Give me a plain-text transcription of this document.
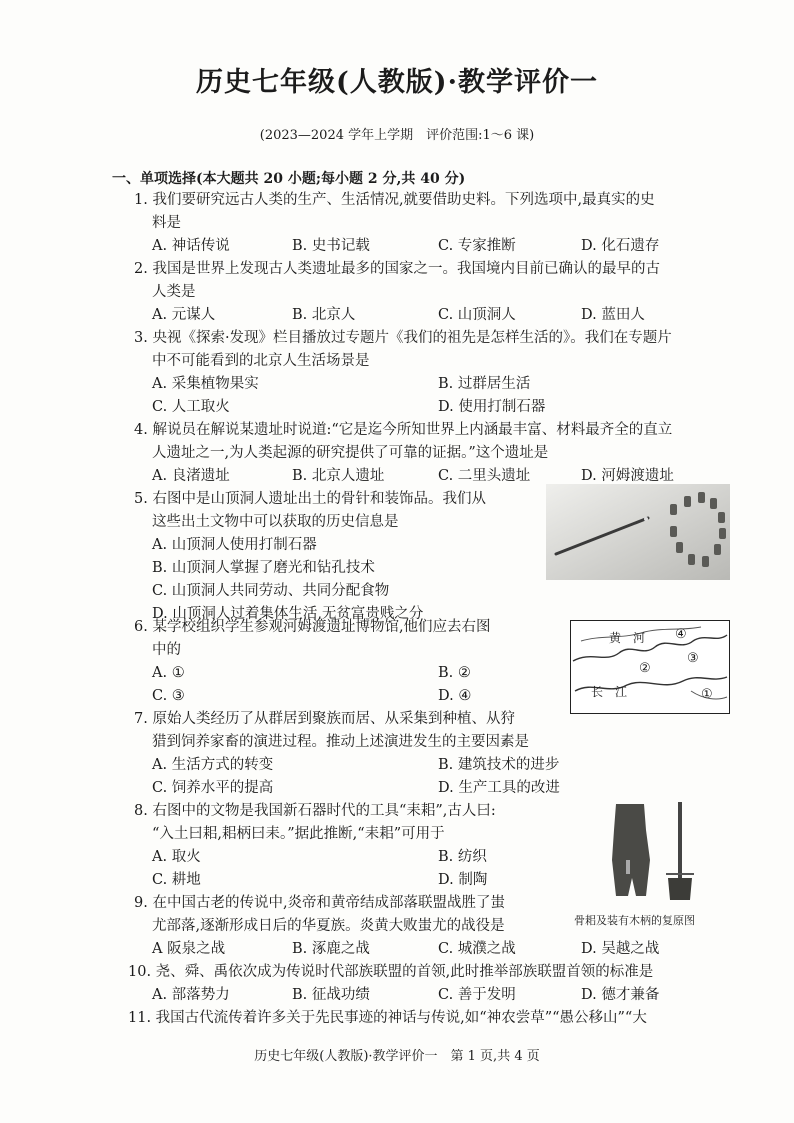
历史七年级(人教版)·教学评价一
(2023—2024 学年上学期　评价范围:1～6 课)
一、单项选择(本大题共 20 小题;每小题 2 分,共 40 分)
1. 我们要研究远古人类的生产、生活情况,就要借助史料。下列选项中,最真实的史
料是
A. 神话传说	B. 史书记载	C. 专家推断	D. 化石遗存
2. 我国是世界上发现古人类遗址最多的国家之一。我国境内目前已确认的最早的古
人类是
A. 元谋人	B. 北京人	C. 山顶洞人	D. 蓝田人
3. 央视《探索·发现》栏目播放过专题片《我们的祖先是怎样生活的》。我们在专题片
中不可能看到的北京人生活场景是
A. 采集植物果实	B. 过群居生活
C. 人工取火	D. 使用打制石器
4. 解说员在解说某遗址时说道:“它是迄今所知世界上内涵最丰富、材料最齐全的直立
人遗址之一,为人类起源的研究提供了可靠的证据。”这个遗址是
A. 良渚遗址	B. 北京人遗址	C. 二里头遗址	D. 河姆渡遗址
5. 右图中是山顶洞人遗址出土的骨针和装饰品。我们从
这些出土文物中可以获取的历史信息是
A. 山顶洞人使用打制石器
B. 山顶洞人掌握了磨光和钻孔技术
C. 山顶洞人共同劳动、共同分配食物
D. 山顶洞人过着集体生活,无贫富贵贱之分
6. 某学校组织学生参观河姆渡遗址博物馆,他们应去右图
中的
A. ①	B. ②
C. ③	D. ④
黄　河
长　江
④
③
②
①
7. 原始人类经历了从群居到聚族而居、从采集到种植、从狩
猎到饲养家畜的演进过程。推动上述演进发生的主要因素是
A. 生活方式的转变	B. 建筑技术的进步
C. 饲养水平的提高	D. 生产工具的改进
8. 右图中的文物是我国新石器时代的工具“耒耜”,古人曰:
“入土曰耜,耜柄曰耒。”据此推断,“耒耜”可用于
A. 取火	B. 纺织
C. 耕地	D. 制陶
骨耜及装有木柄的复原图
9. 在中国古老的传说中,炎帝和黄帝结成部落联盟战胜了蚩
尤部落,逐渐形成日后的华夏族。炎黄大败蚩尤的战役是
A 阪泉之战	B. 涿鹿之战	C. 城濮之战	D. 吴越之战
10. 尧、舜、禹依次成为传说时代部族联盟的首领,此时推举部族联盟首领的标准是
A. 部落势力	B. 征战功绩	C. 善于发明	D. 德才兼备
11. 我国古代流传着许多关于先民事迹的神话与传说,如“神农尝草”“愚公移山”“大
历史七年级(人教版)·教学评价一　第 1 页,共 4 页
